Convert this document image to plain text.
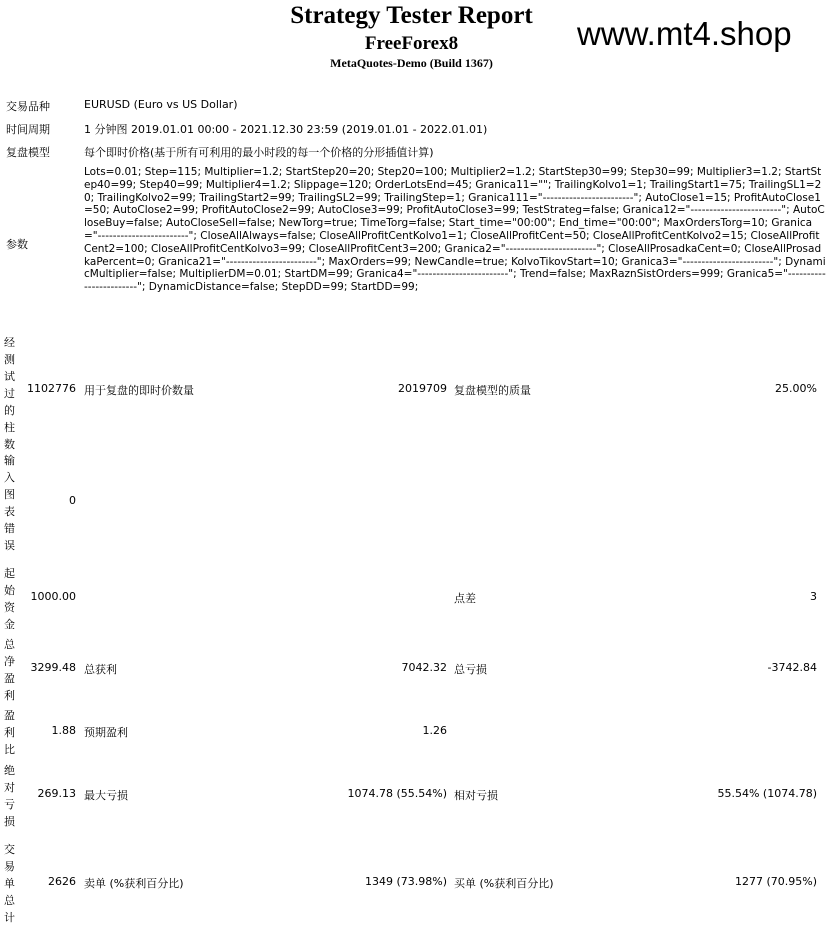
Strategy Tester Report
FreeForex8
MetaQuotes-Demo (Build 1367)
www.mt4.shop
交易品种	EURUSD (Euro vs US Dollar)
时间周期	1 分钟图 2019.01.01 00:00 - 2021.12.30 23:59 (2019.01.01 - 2022.01.01)
复盘模型	每个即时价格(基于所有可利用的最小时段的每一个价格的分形插值计算)
参数
Lots=0.01; Step=115; Multiplier=1.2; StartStep20=20; Step20=100; Multiplier2=1.2; StartStep30=99; Step30=99; Multiplier3=1.2; StartStep40=99; Step40=99; Multiplier4=1.2; Slippage=120; OrderLotsEnd=45; Granica11=""; TrailingKolvo1=1; TrailingStart1=75; TrailingSL1=20; TrailingKolvo2=99; TrailingStart2=99; TrailingSL2=99; TrailingStep=1; Granica111="------------------------"; AutoClose1=15; ProfitAutoClose1=50; AutoClose2=99; ProfitAutoClose2=99; AutoClose3=99; ProfitAutoClose3=99; TestStrateg=false; Granica12="------------------------"; AutoCloseBuy=false; AutoCloseSell=false; NewTorg=true; TimeTorg=false; Start_time="00:00"; End_time="00:00"; MaxOrdersTorg=10; Granica="------------------------"; CloseAllAlways=false; CloseAllProfitCentKolvo1=1; CloseAllProfitCent=50; CloseAllProfitCentKolvo2=15; CloseAllProfitCent2=100; CloseAllProfitCentKolvo3=99; CloseAllProfitCent3=200; Granica2="------------------------"; CloseAllProsadkaCent=0; CloseAllProsadkaPercent=0; Granica21="------------------------"; MaxOrders=99; NewCandle=true; KolvoTikovStart=10; Granica3="------------------------"; DynamicMultiplier=false; MultiplierDM=0.01; StartDM=99; Granica4="------------------------"; Trend=false; MaxRaznSistOrders=999; Granica5="------------------------"; DynamicDistance=false; StepDD=99; StartDD=99;
经测试过的柱数
1102776 用于复盘的即时价数量	2019709 复盘模型的质量	25.00%
输入图表错误
0
起始资金
1000.00	点差	3
总净盈利
3299.48 总获利	7042.32 总亏损	-3742.84
盈利比
1.88 预期盈利	1.26
绝对亏损
269.13 最大亏损	1074.78 (55.54%) 相对亏损	55.54% (1074.78)
交易单总计
2626 卖单 (%获利百分比)	1349 (73.98%) 买单 (%获利百分比)	1277 (70.95%)
